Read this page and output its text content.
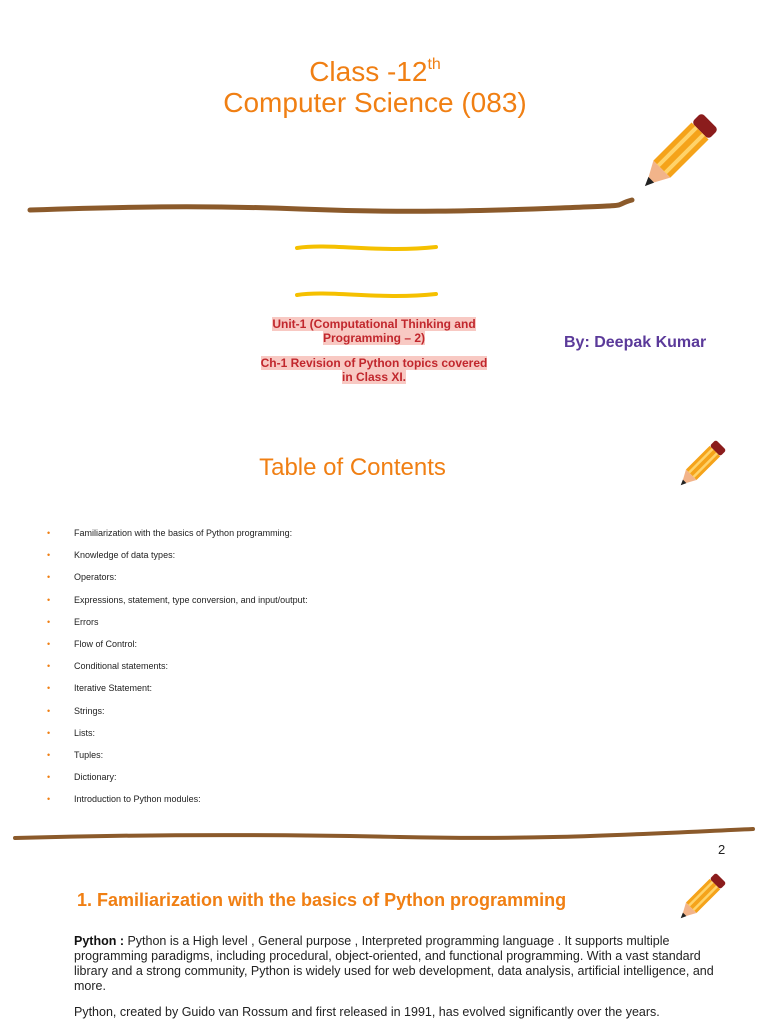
Class -12th
Computer Science (083)
Unit-1 (Computational Thinking and Programming – 2)
Ch-1 Revision of Python topics covered in Class XI.
By: Deepak Kumar
Table of Contents
•	Familiarization with the basics of Python programming:
•	Knowledge of data types:
•	Operators:
•	Expressions, statement, type conversion, and input/output:
•	Errors
•	Flow of Control:
•	Conditional statements:
•	Iterative Statement:
•	Strings:
•	Lists:
•	Tuples:
•	Dictionary:
•	Introduction to Python modules:
2
1. Familiarization with the basics of Python programming
Python : Python is a High level , General purpose , Interpreted programming language . It supports multiple programming paradigms, including procedural, object-oriented, and functional programming. With a vast standard library and a strong community, Python is widely used for web development, data analysis, artificial intelligence, and more.
Python, created by Guido van Rossum and first released in 1991, has evolved significantly over the years.
